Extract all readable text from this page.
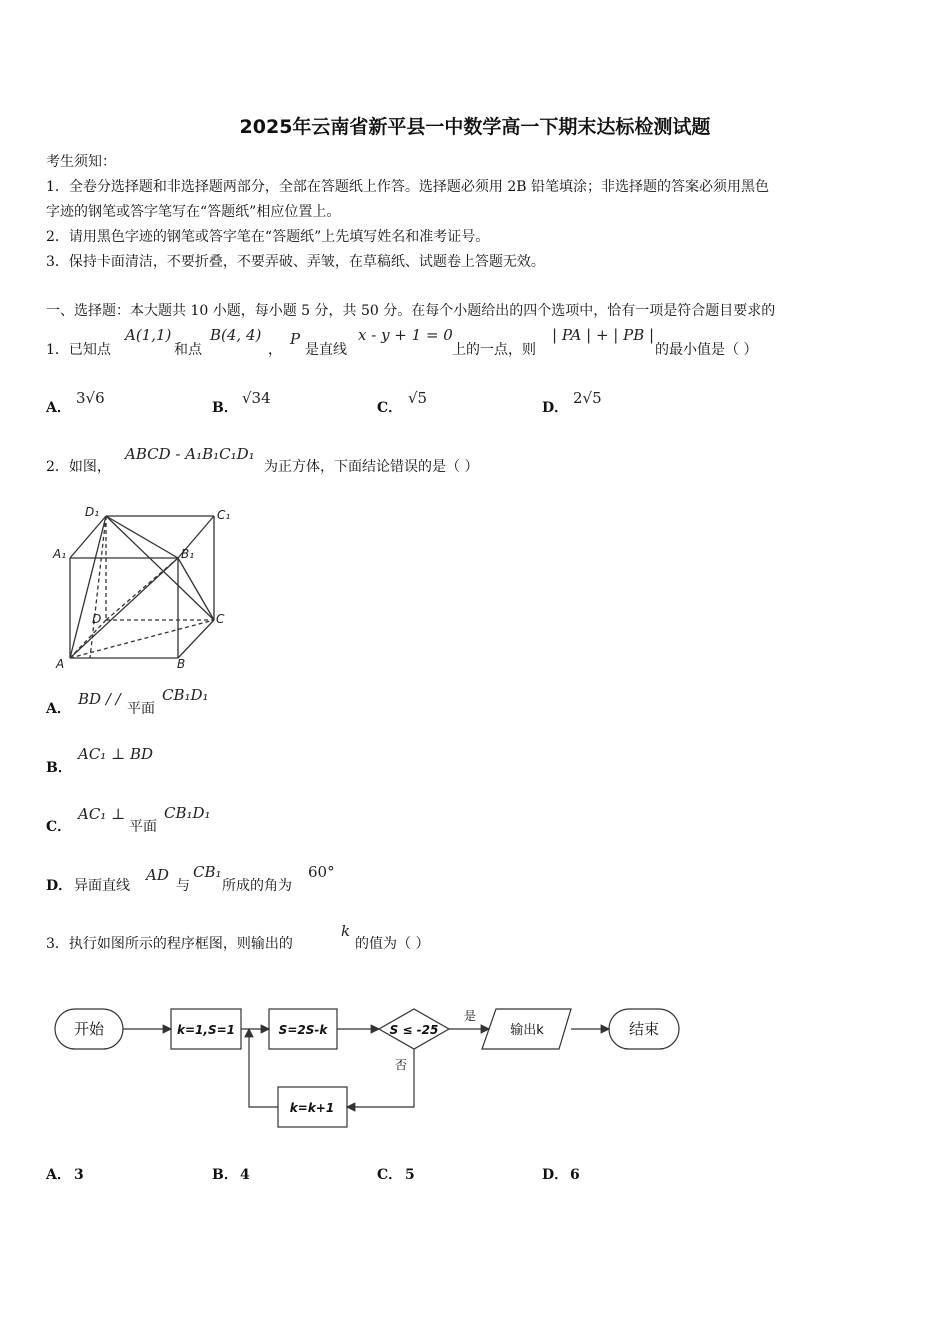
2025年云南省新平县一中数学高一下期末达标检测试题
考生须知：
1．全卷分选择题和非选择题两部分，全部在答题纸上作答。选择题必须用 2B 铅笔填涂；非选择题的答案必须用黑色
字迹的钢笔或答字笔写在“答题纸”相应位置上。
2．请用黑色字迹的钢笔或答字笔在“答题纸”上先填写姓名和准考证号。
3．保持卡面清洁，不要折叠，不要弄破、弄皱，在草稿纸、试题卷上答题无效。
一、选择题：本大题共 10 小题，每小题 5 分，共 50 分。在每个小题给出的四个选项中，恰有一项是符合题目要求的
1．已知点
A(1,1)
和点
B(4, 4)
，
P
是直线
x - y + 1 = 0
上的一点，则
| PA | + | PB |
的最小值是（ ）
A．
3√6
B．
√34
C．
√5
D．
2√5
2．如图，
ABCD - A₁B₁C₁D₁
为正方体，下面结论错误的是（ ）
D₁	C₁
A₁	B₁
D	C
A	B
A．
BD / /
平面
CB₁D₁
B．
AC₁ ⊥ BD
C．
AC₁ ⊥
平面
CB₁D₁
D． 异面直线
AD
与
CB₁
所成的角为
60°
3．执行如图所示的程序框图，则输出的
k
的值为（ ）
开始	k=1,S=1	S=2S-k	S ≤ -25
是
否
输出k	结束
k=k+1
A． 3	B． 4	C． 5	D． 6
